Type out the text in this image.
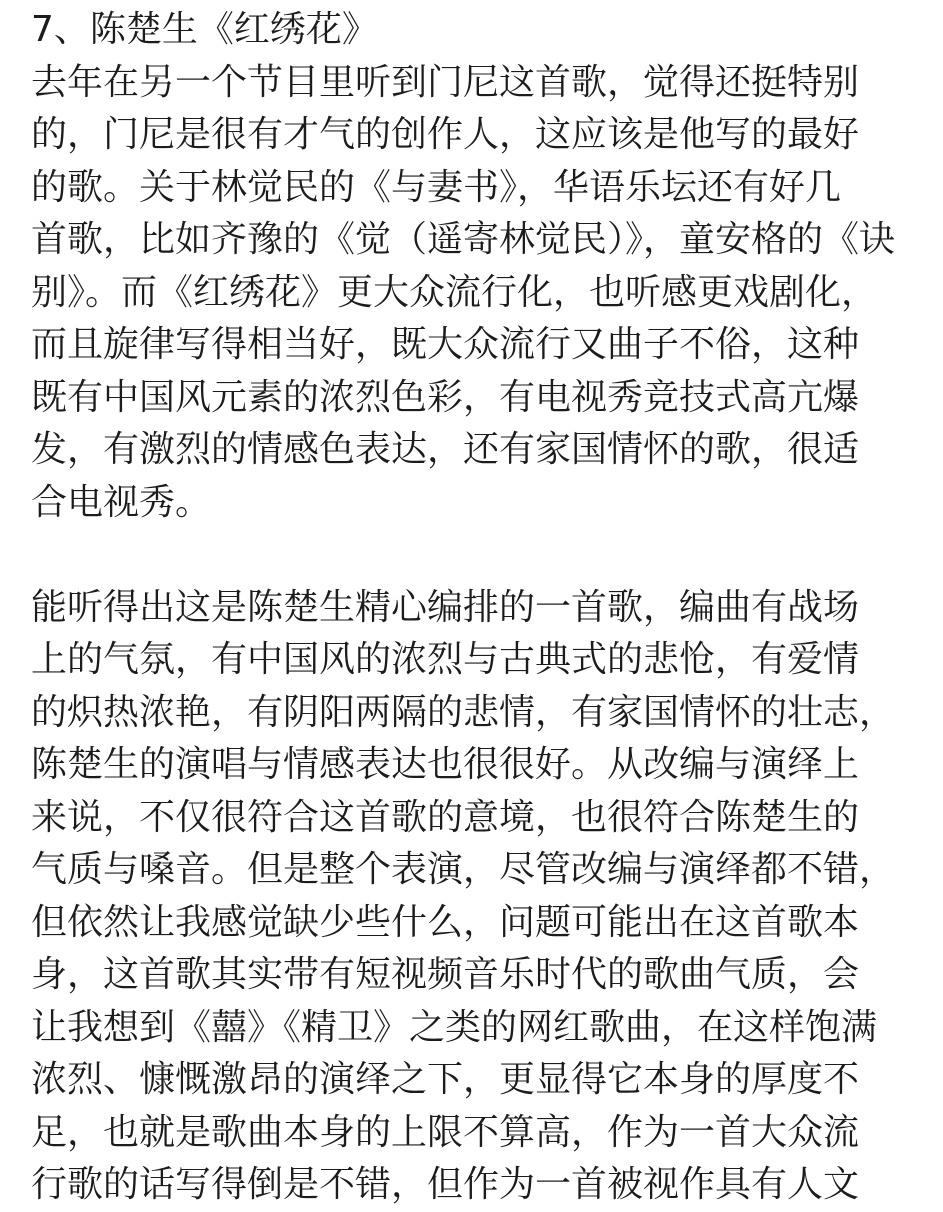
7、陈楚生《红绣花》
去年在另一个节目里听到门尼这首歌，觉得还挺特别
的，门尼是很有才气的创作人，这应该是他写的最好
的歌。关于林觉民的《与妻书》，华语乐坛还有好几
首歌，比如齐豫的《觉（遥寄林觉民）》，童安格的《诀
别》。而《红绣花》更大众流行化，也听感更戏剧化，
而且旋律写得相当好，既大众流行又曲子不俗，这种
既有中国风元素的浓烈色彩，有电视秀竞技式高亢爆
发，有激烈的情感色表达，还有家国情怀的歌，很适
合电视秀。
能听得出这是陈楚生精心编排的一首歌，编曲有战场
上的气氛，有中国风的浓烈与古典式的悲怆，有爱情
的炽热浓艳，有阴阳两隔的悲情，有家国情怀的壮志，
陈楚生的演唱与情感表达也很很好。从改编与演绎上
来说，不仅很符合这首歌的意境，也很符合陈楚生的
气质与嗓音。但是整个表演，尽管改编与演绎都不错，
但依然让我感觉缺少些什么，问题可能出在这首歌本
身，这首歌其实带有短视频音乐时代的歌曲气质，会
让我想到《囍》《精卫》之类的网红歌曲，在这样饱满
浓烈、慷慨激昂的演绎之下，更显得它本身的厚度不
足，也就是歌曲本身的上限不算高，作为一首大众流
行歌的话写得倒是不错，但作为一首被视作具有人文
